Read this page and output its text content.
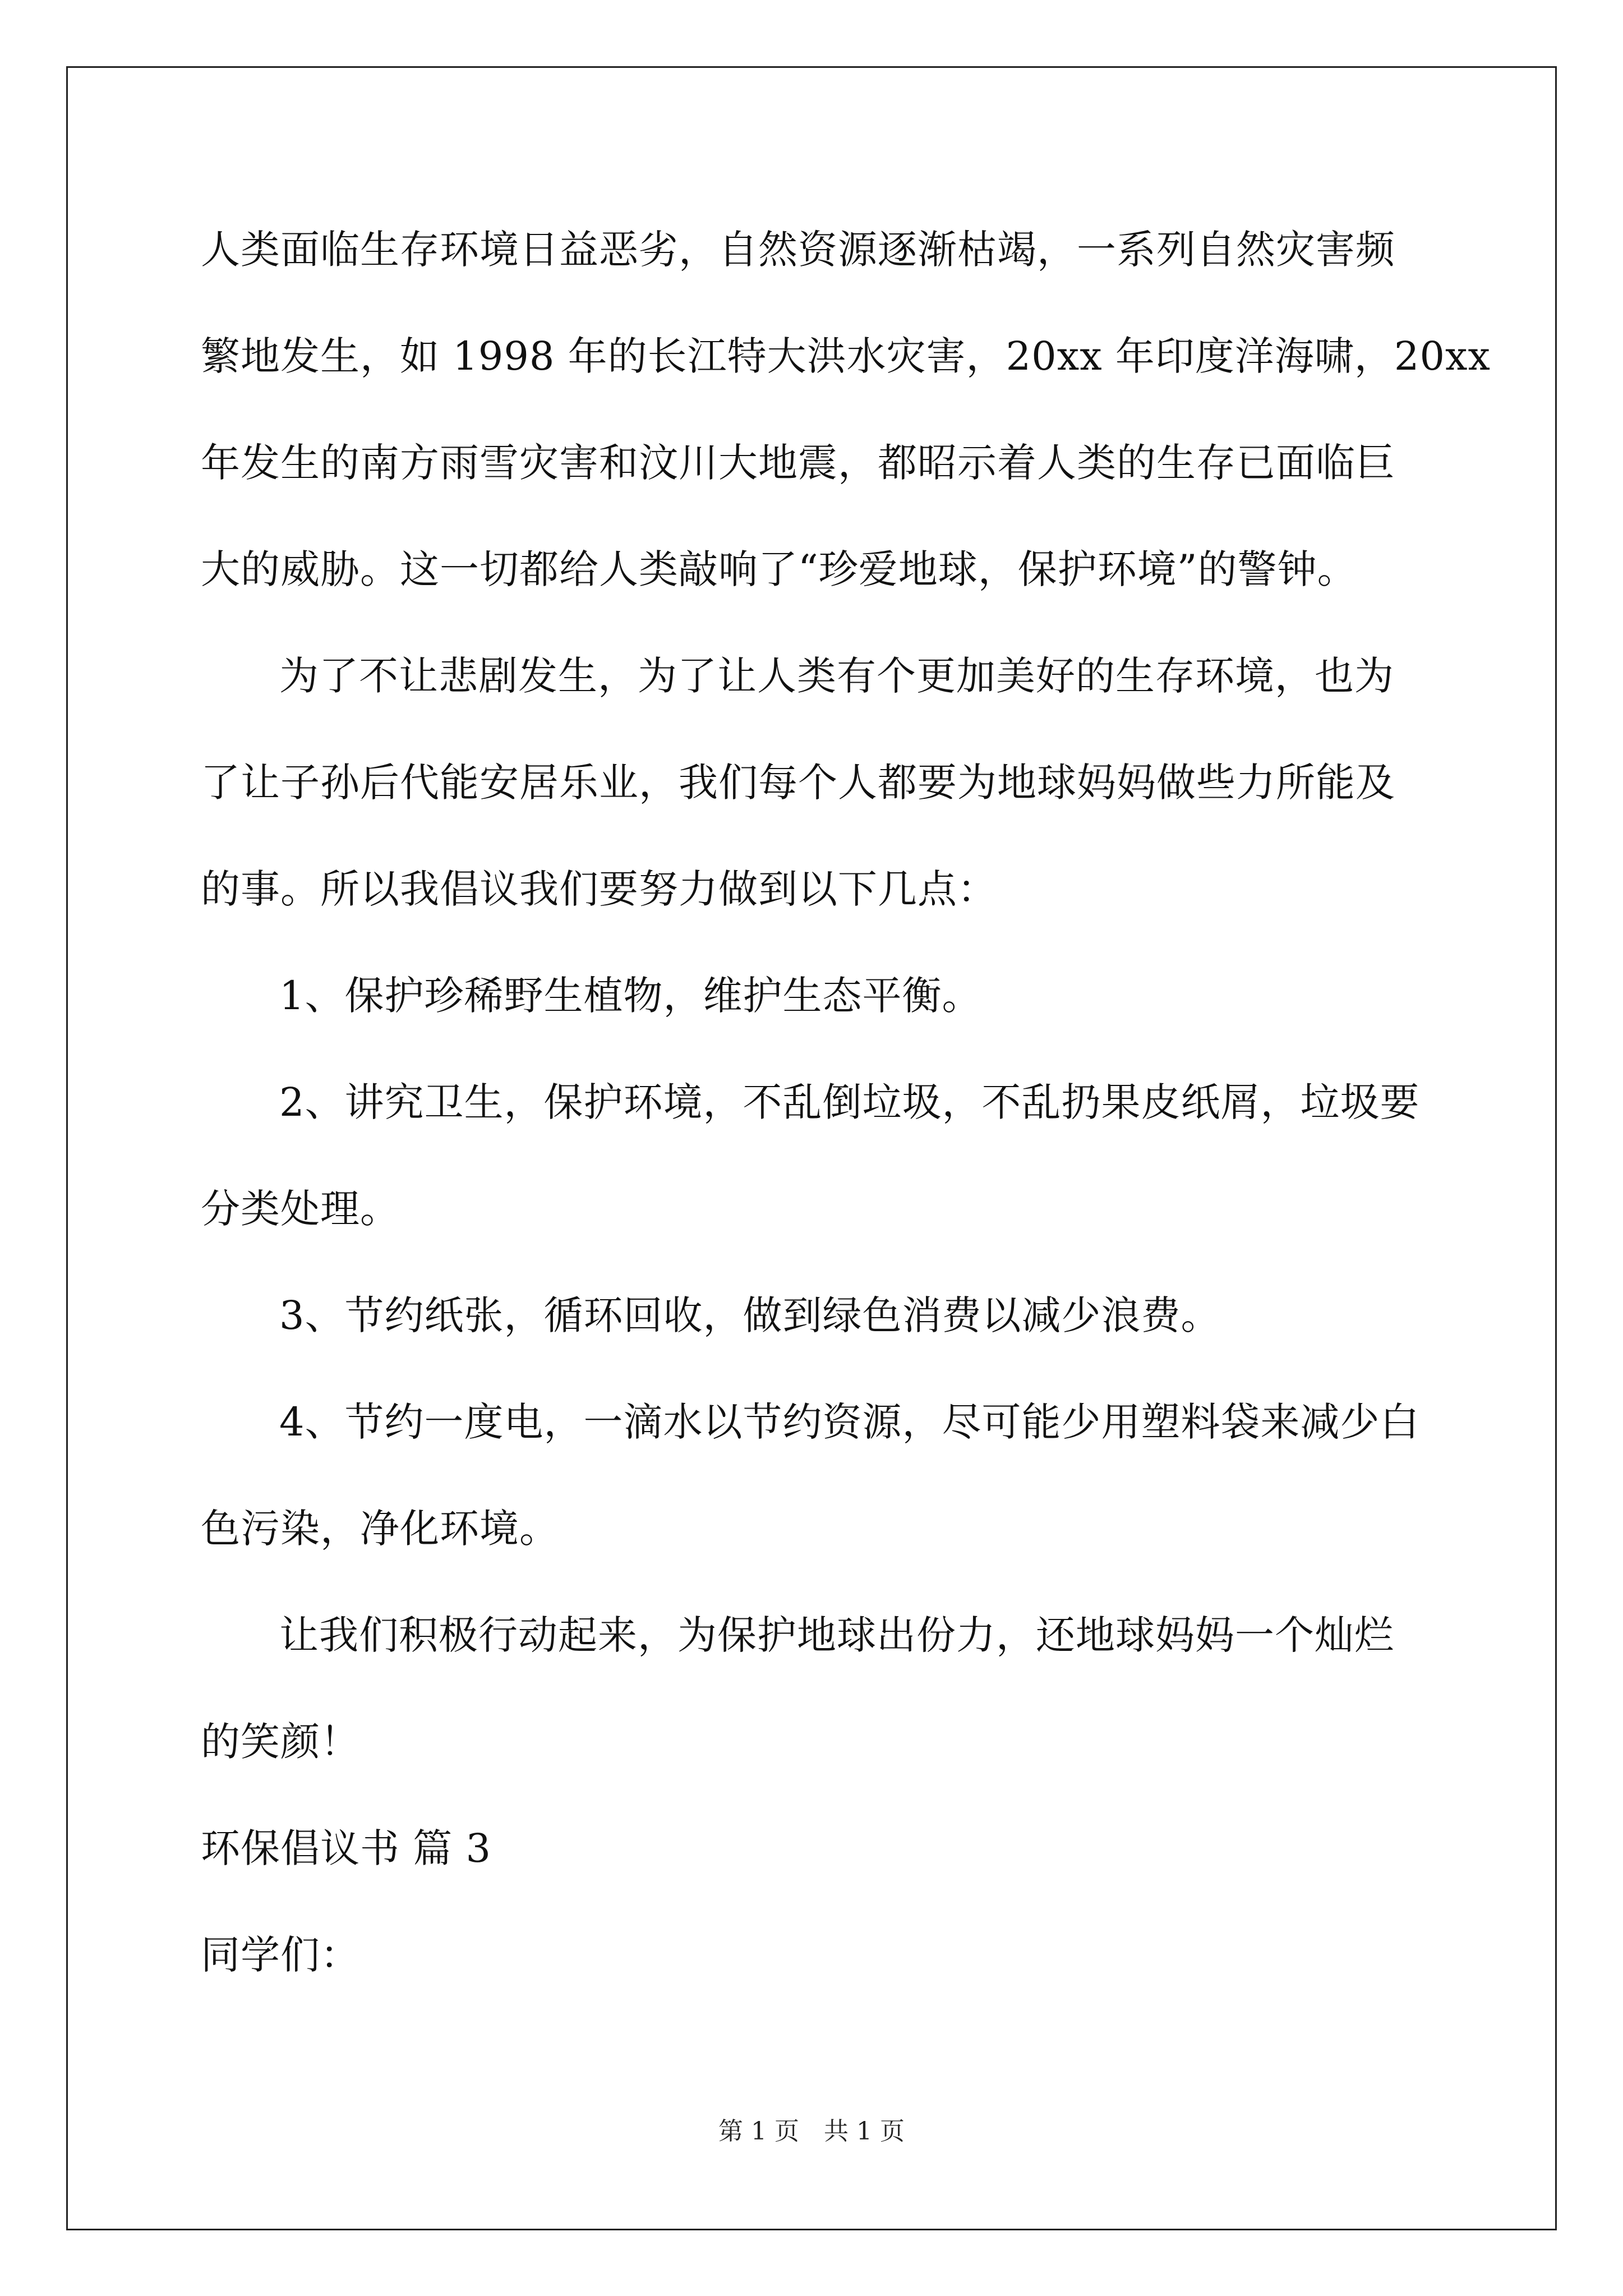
人类面临生存环境日益恶劣，自然资源逐渐枯竭，一系列自然灾害频
繁地发生，如 1998 年的长江特大洪水灾害，20xx 年印度洋海啸，20xx
年发生的南方雨雪灾害和汶川大地震，都昭示着人类的生存已面临巨
大的威胁。这一切都给人类敲响了“珍爱地球，保护环境”的警钟。
为了不让悲剧发生，为了让人类有个更加美好的生存环境，也为
了让子孙后代能安居乐业，我们每个人都要为地球妈妈做些力所能及
的事。所以我倡议我们要努力做到以下几点：
1、保护珍稀野生植物，维护生态平衡。
2、讲究卫生，保护环境，不乱倒垃圾，不乱扔果皮纸屑，垃圾要
分类处理。
3、节约纸张，循环回收，做到绿色消费以减少浪费。
4、节约一度电，一滴水以节约资源，尽可能少用塑料袋来减少白
色污染，净化环境。
让我们积极行动起来，为保护地球出份力，还地球妈妈一个灿烂
的笑颜！
环保倡议书 篇 3
同学们：
第 1 页　共 1 页
